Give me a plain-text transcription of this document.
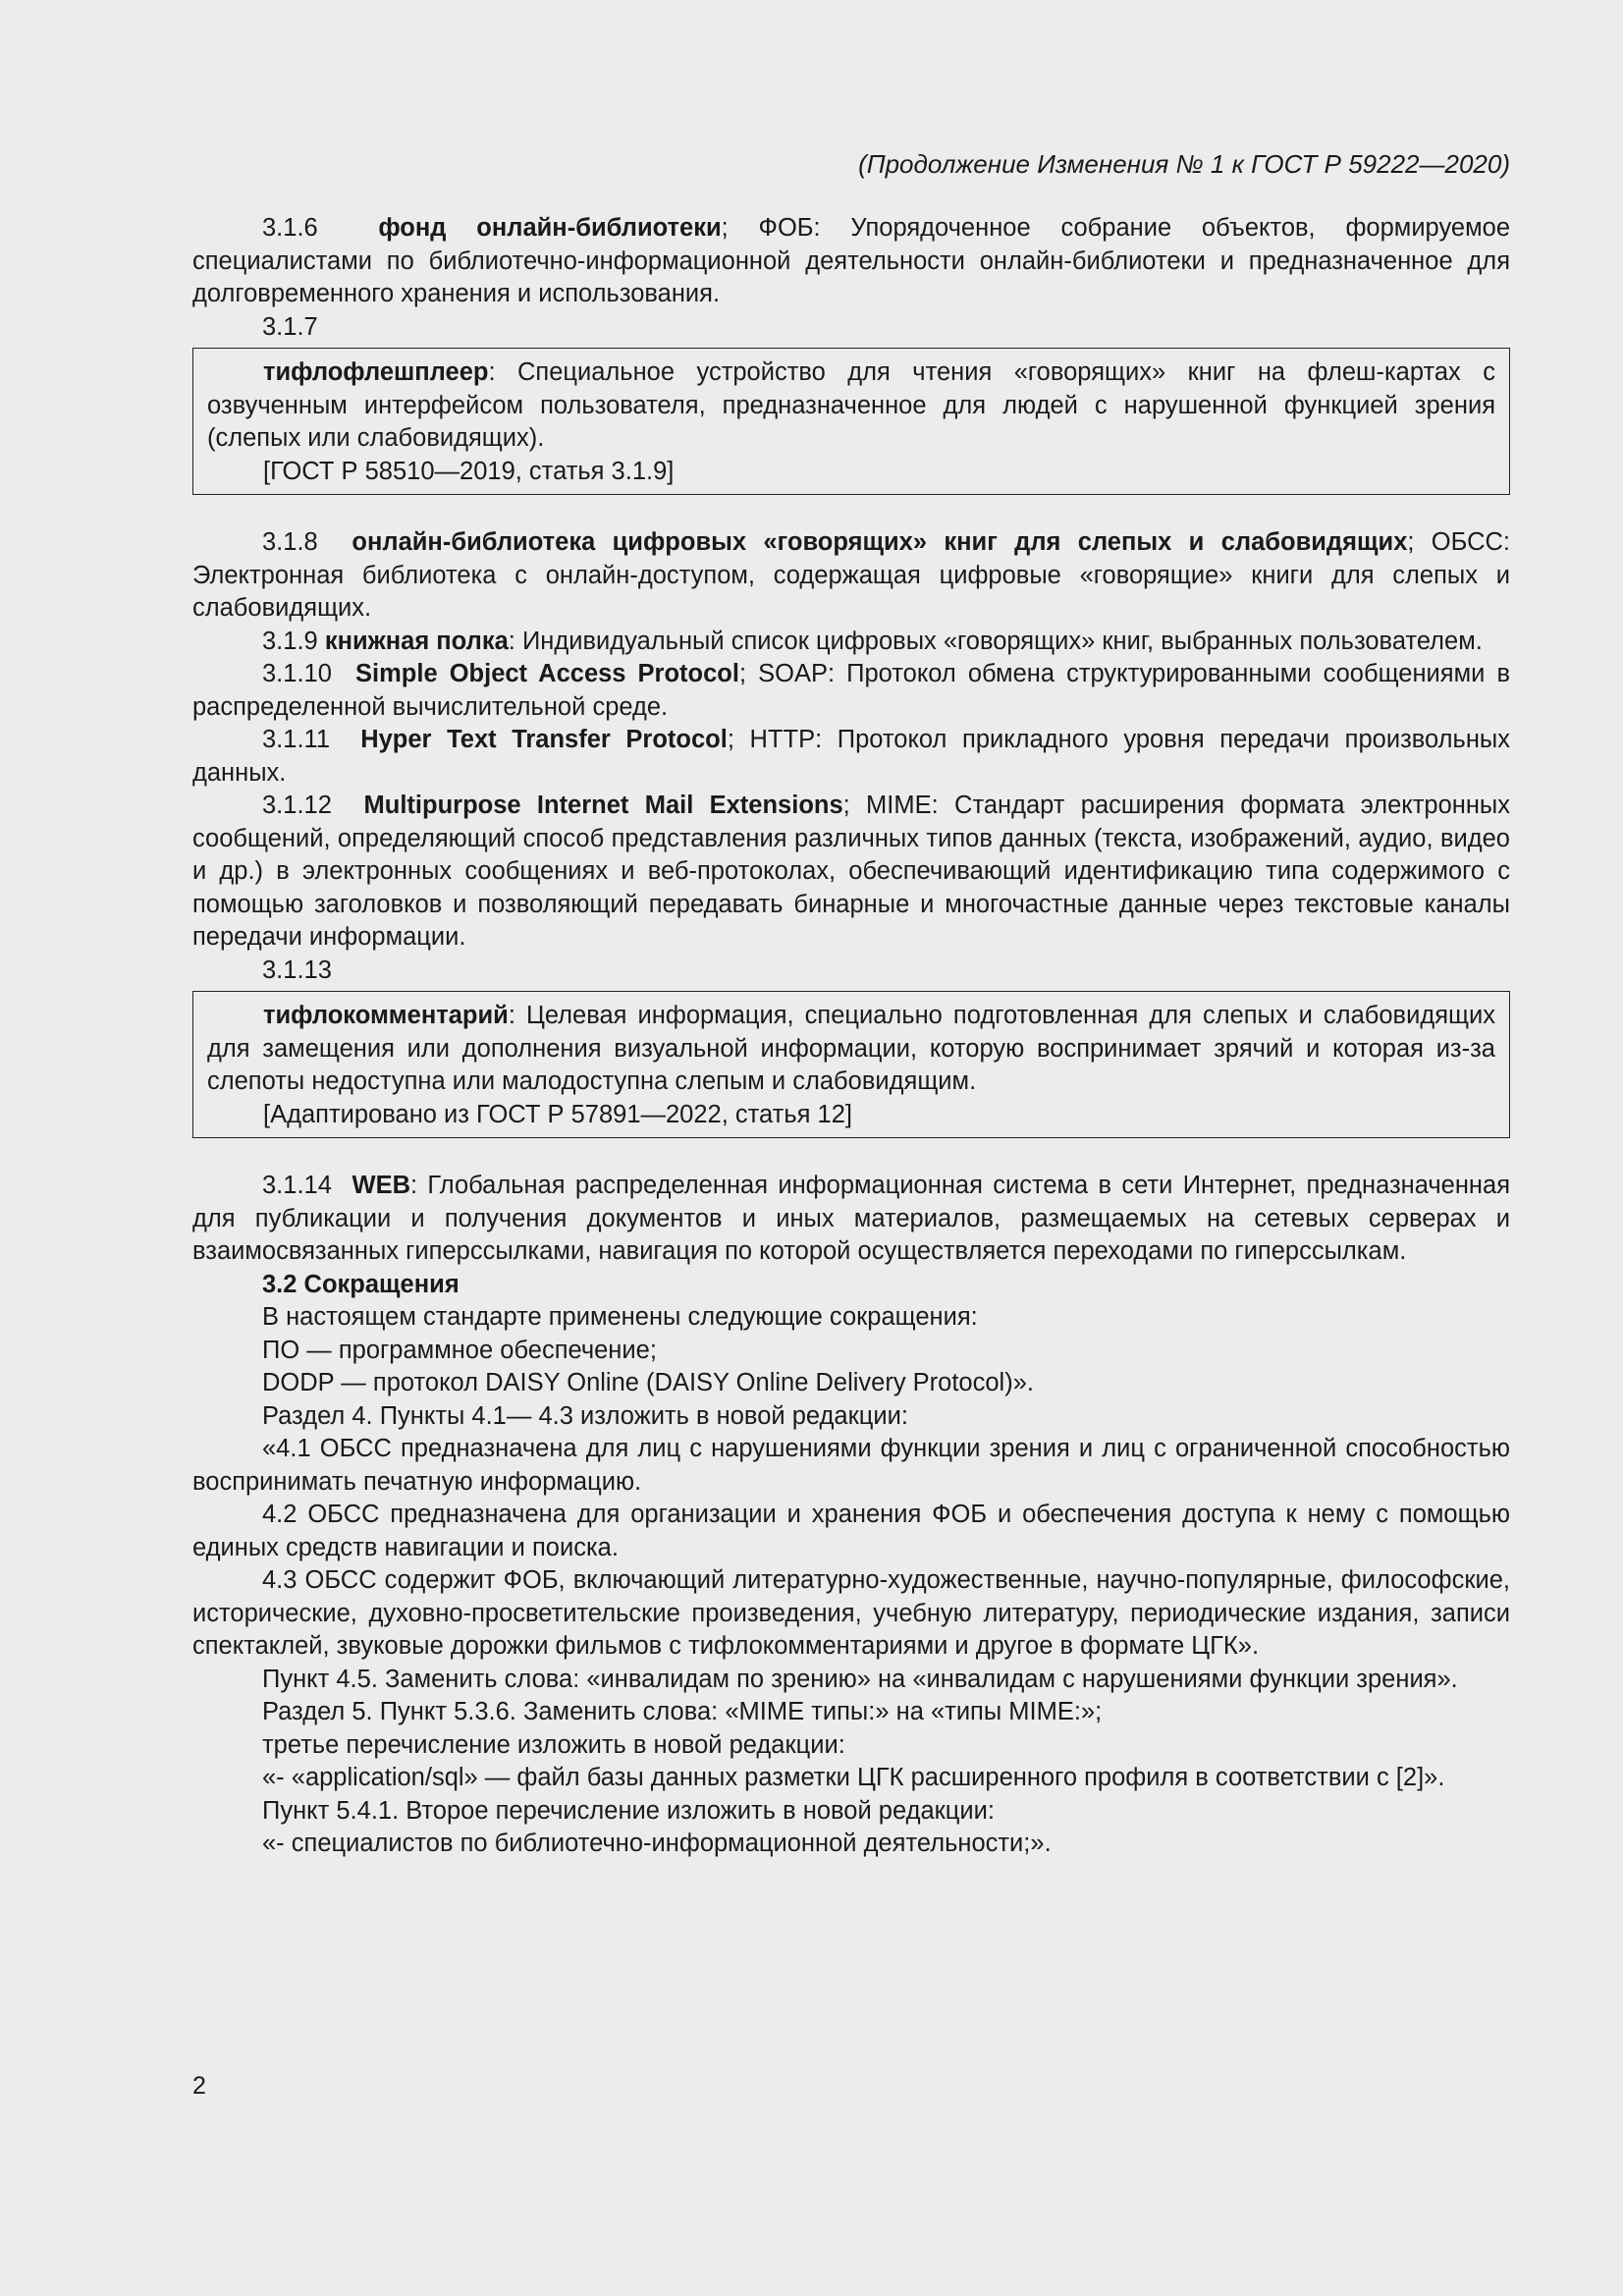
(Продолжение Изменения № 1 к ГОСТ Р 59222—2020)

3.1.6 фонд онлайн-библиотеки; ФОБ: Упорядоченное собрание объектов, формируемое специалистами по библиотечно-информационной деятельности онлайн-библиотеки и предназначенное для долговременного хранения и использования.

3.1.7

тифлофлешплеер: Специальное устройство для чтения «говорящих» книг на флеш-картах с озвученным интерфейсом пользователя, предназначенное для людей с нарушенной функцией зрения (слепых или слабовидящих).

[ГОСТ Р 58510—2019, статья 3.1.9]

3.1.8 онлайн-библиотека цифровых «говорящих» книг для слепых и слабовидящих; ОБСС: Электронная библиотека с онлайн-доступом, содержащая цифровые «говорящие» книги для слепых и слабовидящих.

3.1.9 книжная полка: Индивидуальный список цифровых «говорящих» книг, выбранных пользователем.

3.1.10 Simple Object Access Protocol; SOAP: Протокол обмена структурированными сообщениями в распределенной вычислительной среде.

3.1.11 Hyper Text Transfer Protocol; HTTP: Протокол прикладного уровня передачи произвольных данных.

3.1.12 Multipurpose Internet Mail Extensions; MIME: Стандарт расширения формата электронных сообщений, определяющий способ представления различных типов данных (текста, изображений, аудио, видео и др.) в электронных сообщениях и веб-протоколах, обеспечивающий идентификацию типа содержимого с помощью заголовков и позволяющий передавать бинарные и многочастные данные через текстовые каналы передачи информации.

3.1.13

тифлокомментарий: Целевая информация, специально подготовленная для слепых и слабовидящих для замещения или дополнения визуальной информации, которую воспринимает зрячий и которая из-за слепоты недоступна или малодоступна слепым и слабовидящим.

[Адаптировано из ГОСТ Р 57891—2022, статья 12]

3.1.14 WEB: Глобальная распределенная информационная система в сети Интернет, предназначенная для публикации и получения документов и иных материалов, размещаемых на сетевых серверах и взаимосвязанных гиперссылками, навигация по которой осуществляется переходами по гиперссылкам.

3.2 Сокращения

В настоящем стандарте применены следующие сокращения:

ПО — программное обеспечение;

DODP — протокол DAISY Online (DAISY Online Delivery Protocol)».

Раздел 4. Пункты 4.1— 4.3 изложить в новой редакции:

«4.1 ОБСС предназначена для лиц с нарушениями функции зрения и лиц с ограниченной способностью воспринимать печатную информацию.

4.2 ОБСС предназначена для организации и хранения ФОБ и обеспечения доступа к нему с помощью единых средств навигации и поиска.

4.3 ОБСС содержит ФОБ, включающий литературно-художественные, научно-популярные, философские, исторические, духовно-просветительские произведения, учебную литературу, периодические издания, записи спектаклей, звуковые дорожки фильмов с тифлокомментариями и другое в формате ЦГК».

Пункт 4.5. Заменить слова: «инвалидам по зрению» на «инвалидам с нарушениями функции зрения».

Раздел 5. Пункт 5.3.6. Заменить слова: «MIME типы:» на «типы MIME:»;

третье перечисление изложить в новой редакции:

«- «application/sql» — файл базы данных разметки ЦГК расширенного профиля в соответствии с [2]».

Пункт 5.4.1. Второе перечисление изложить в новой редакции:

«- специалистов по библиотечно-информационной деятельности;».

2
